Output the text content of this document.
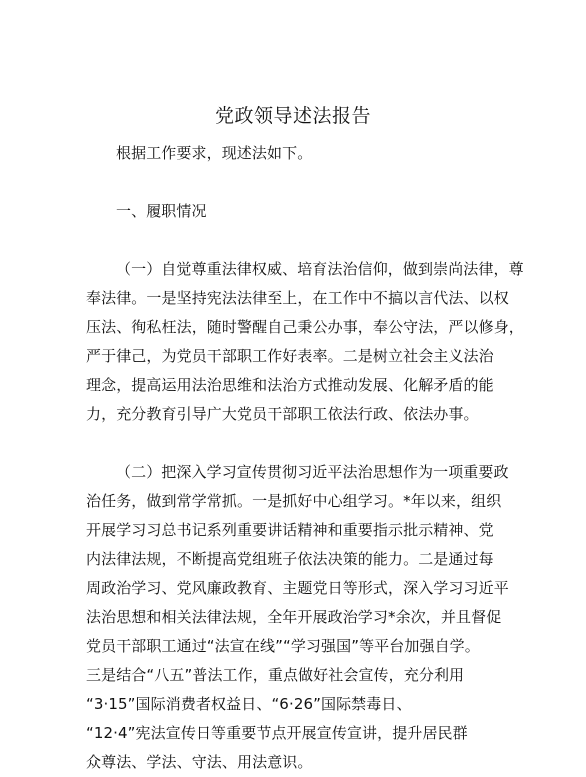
党政领导述法报告
根据工作要求，现述法如下。
一、履职情况
（一）自觉尊重法律权威、培育法治信仰，做到崇尚法律，尊
奉法律。一是坚持宪法法律至上，在工作中不搞以言代法、以权
压法、徇私枉法，随时警醒自己秉公办事，奉公守法，严以修身，
严于律己，为党员干部职工作好表率。二是树立社会主义法治
理念，提高运用法治思维和法治方式推动发展、化解矛盾的能
力，充分教育引导广大党员干部职工依法行政、依法办事。
（二）把深入学习宣传贯彻习近平法治思想作为一项重要政
治任务，做到常学常抓。一是抓好中心组学习。*年以来，组织
开展学习习总书记系列重要讲话精神和重要指示批示精神、党
内法律法规，不断提高党组班子依法决策的能力。二是通过每
周政治学习、党风廉政教育、主题党日等形式，深入学习习近平
法治思想和相关法律法规，全年开展政治学习*余次，并且督促
党员干部职工通过“法宣在线”“学习强国”等平台加强自学。
三是结合“八五”普法工作，重点做好社会宣传，充分利用
“3·15”国际消费者权益日、“6·26”国际禁毒日、
“12·4”宪法宣传日等重要节点开展宣传宣讲，提升居民群
众尊法、学法、守法、用法意识。
